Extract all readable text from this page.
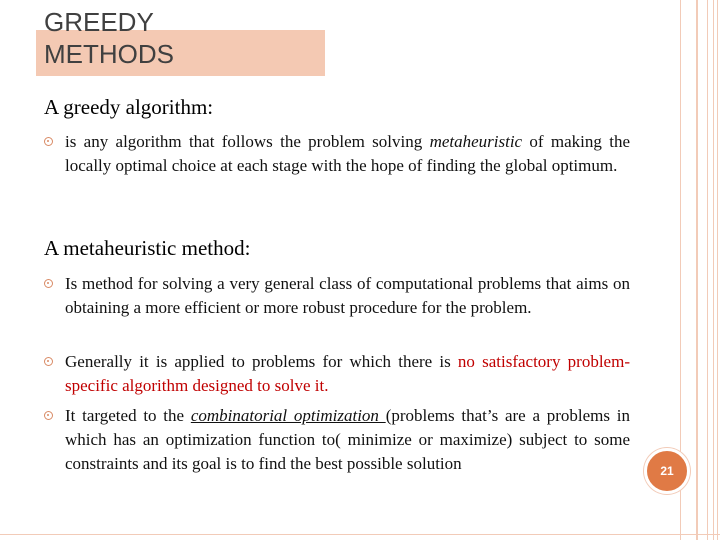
GREEDY
METHODS
A greedy algorithm:
is any algorithm that follows the problem solving metaheuristic of making the locally optimal choice at each stage with the hope of finding the global optimum.
A metaheuristic method:
Is method for solving a very general class of computational problems that aims on obtaining a more efficient or more robust procedure for the problem.
Generally it is applied to problems for which there is no satisfactory problem-specific algorithm designed to solve it.
It targeted to the combinatorial optimization (problems that’s are a problems in which has an optimization function to( minimize or maximize) subject to some constraints and its goal is to find the best possible solution	21
